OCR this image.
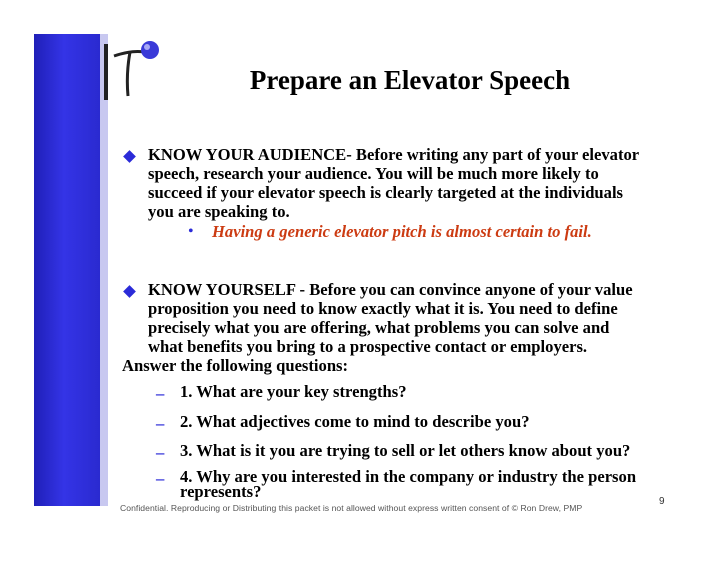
Prepare an Elevator Speech
KNOW YOUR AUDIENCE- Before writing any part of your elevator
speech, research your audience. You will be much more likely to
succeed if your elevator speech is clearly targeted at the individuals
you are speaking to.
• Having a generic elevator pitch is almost certain to fail.
KNOW YOURSELF - Before you can convince anyone of your value
proposition you need to know exactly what it is. You need to define
precisely what you are offering, what problems you can solve and
what benefits you bring to a prospective contact or employers.
Answer the following questions:
– 1. What are your key strengths?
– 2. What adjectives come to mind to describe you?
– 3. What is it you are trying to sell or let others know about you?
– 4. Why are you interested in the company or industry the person
represents?
Confidential. Reproducing or Distributing this packet is not allowed without express written consent of © Ron Drew, PMP
9
